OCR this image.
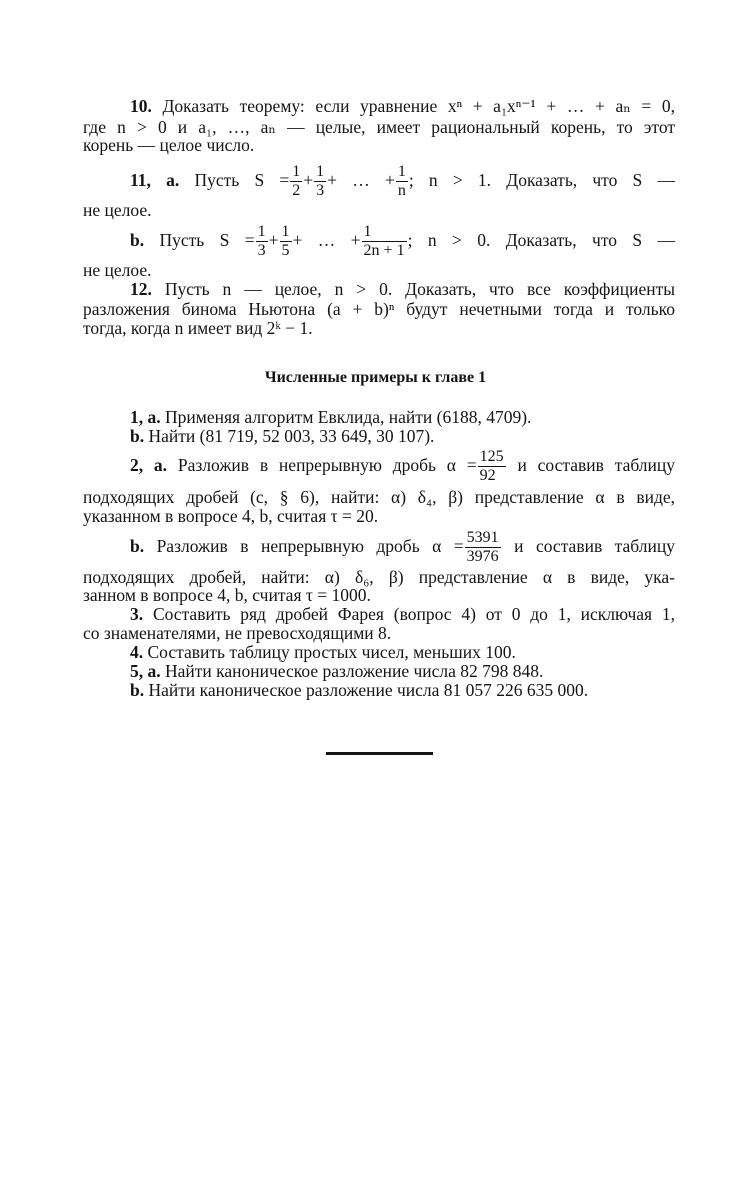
10. Доказать теорему: если уравнение xⁿ + a₁xⁿ⁻¹ + … + aₙ = 0,
где n > 0 и a₁, …, aₙ — целые, имеет рациональный корень, то этот
корень — целое число.
11, a. Пусть $S = \frac{1}{2} + \frac{1}{3}$ + … + $\frac{1}{n}$ ; n > 1. Доказать, что S —
не целое.
b. Пусть $S = \frac{1}{3} + \frac{1}{5}$ + … + $\frac{1}{2n + 1}$ ; n > 0. Доказать, что S —
не целое.
12. Пусть n — целое, n > 0. Доказать, что все коэффициенты
разложения бинома Ньютона (a + b)ⁿ будут нечетными тогда и только
тогда, когда n имеет вид 2ᵏ − 1.
Численные примеры к главе 1
1, a. Применяя алгоритм Евклида, найти (6188, 4709).
b. Найти (81 719, 52 003, 33 649, 30 107).
2, a. Разложив в непрерывную дробь $\alpha = \frac{125}{92}$ и составив таблицу
подходящих дробей (c, § 6), найти: α) δ₄, β) представление α в виде,
указанном в вопросе 4, b, считая τ = 20.
b. Разложив в непрерывную дробь $\alpha = \frac{5391}{3976}$ и составив таблицу
подходящих дробей, найти: α) δ₆, β) представление α в виде, ука-
занном в вопросе 4, b, считая τ = 1000.
3. Составить ряд дробей Фарея (вопрос 4) от 0 до 1, исключая 1,
со знаменателями, не превосходящими 8.
4. Составить таблицу простых чисел, меньших 100.
5, a. Найти каноническое разложение числа 82 798 848.
b. Найти каноническое разложение числа 81 057 226 635 000.
